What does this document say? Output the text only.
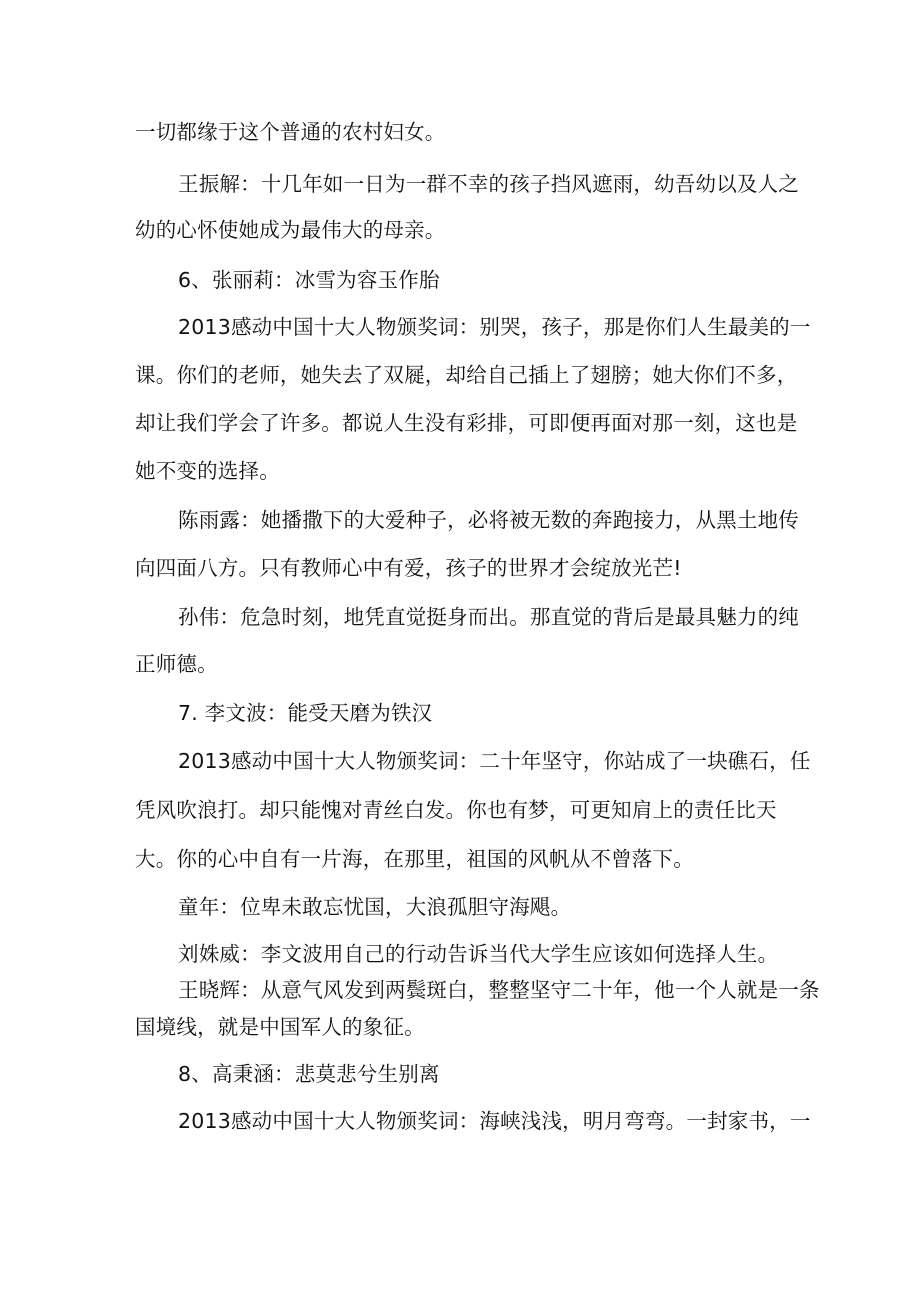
一切都缘于这个普通的农村妇女。
王振解：十几年如一日为一群不幸的孩子挡风遮雨，幼吾幼以及人之
幼的心怀使她成为最伟大的母亲。
6、张丽莉：冰雪为容玉作胎
2013感动中国十大人物颁奖词：别哭，孩子，那是你们人生最美的一
课。你们的老师，她失去了双屣，却给自己插上了翅膀；她大你们不多，
却让我们学会了许多。都说人生没有彩排，可即便再面对那一刻，这也是
她不变的选择。
陈雨露：她播撒下的大爱种子，必将被无数的奔跑接力，从黑土地传
向四面八方。只有教师心中有爱，孩子的世界才会绽放光芒!
孙伟：危急时刻，地凭直觉挺身而出。那直觉的背后是最具魅力的纯
正师德。
7. 李文波：能受天磨为铁汉
2013感动中国十大人物颁奖词：二十年坚守，你站成了一块礁石，任
凭风吹浪打。却只能愧对青丝白发。你也有梦，可更知肩上的责任比天
大。你的心中自有一片海，在那里，祖国的风帆从不曾落下。
童年：位卑未敢忘忧国，大浪孤胆守海飓。
刘姝威：李文波用自己的行动告诉当代大学生应该如何选择人生。
王晓辉：从意气风发到两鬓斑白，整整坚守二十年，他一个人就是一条
国境线，就是中国军人的象征。
8、高秉涵：悲莫悲兮生别离
2013感动中国十大人物颁奖词：海峡浅浅，明月弯弯。一封家书，一
